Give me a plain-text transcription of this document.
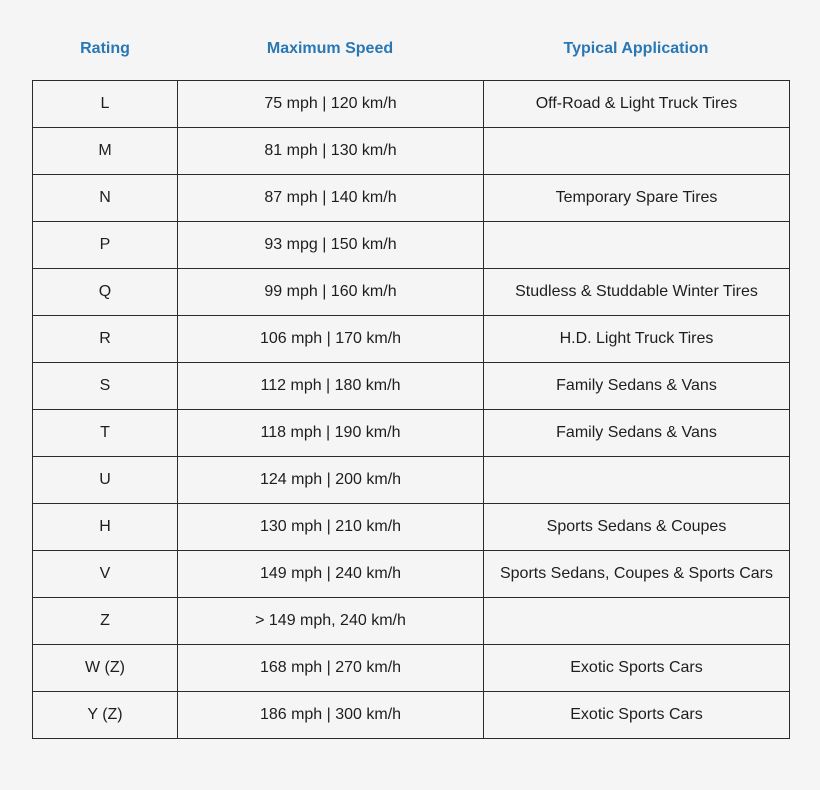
Rating	Maximum Speed	Typical Application
L	75 mph | 120 km/h	Off-Road & Light Truck Tires
M	81 mph | 130 km/h	
N	87 mph | 140 km/h	Temporary Spare Tires
P	93 mpg | 150 km/h	
Q	99 mph | 160 km/h	Studless & Studdable Winter Tires
R	106 mph | 170 km/h	H.D. Light Truck Tires
S	112 mph | 180 km/h	Family Sedans & Vans
T	118 mph | 190 km/h	Family Sedans & Vans
U	124 mph | 200 km/h	
H	130 mph | 210 km/h	Sports Sedans & Coupes
V	149 mph | 240 km/h	Sports Sedans, Coupes & Sports Cars
Z	> 149 mph, 240 km/h	
W (Z)	168 mph | 270 km/h	Exotic Sports Cars
Y (Z)	186 mph | 300 km/h	Exotic Sports Cars
